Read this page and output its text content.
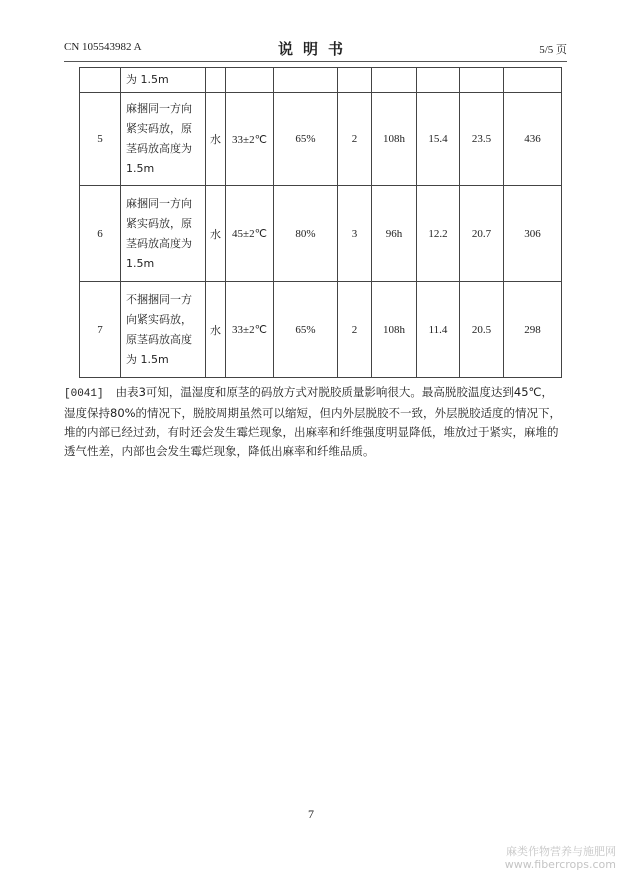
CN 105543982 A	说明书	5/5 页

	为 1.5m								

5	麻捆同一方向
紧实码放，原
茎码放高度为
1.5m	水	33±2℃	65%	2	108h	15.4	23.5	436
6	麻捆同一方向
紧实码放，原
茎码放高度为
1.5m	水	45±2℃	80%	3	96h	12.2	20.7	306
7	不捆捆同一方
向紧实码放，
原茎码放高度
为 1.5m	水	33±2℃	65%	2	108h	11.4	20.5	298
[0041] 由表3可知，温湿度和原茎的码放方式对脱胶质量影响很大。最高脱胶温度达到45℃，湿度保持80%的情况下，脱胶周期虽然可以缩短，但内外层脱胶不一致，外层脱胶适度的情况下，堆的内部已经过劲，有时还会发生霉烂现象，出麻率和纤维强度明显降低，堆放过于紧实，麻堆的透气性差，内部也会发生霉烂现象，降低出麻率和纤维品质。
7
麻类作物营养与施肥网
www.fibercrops.com
